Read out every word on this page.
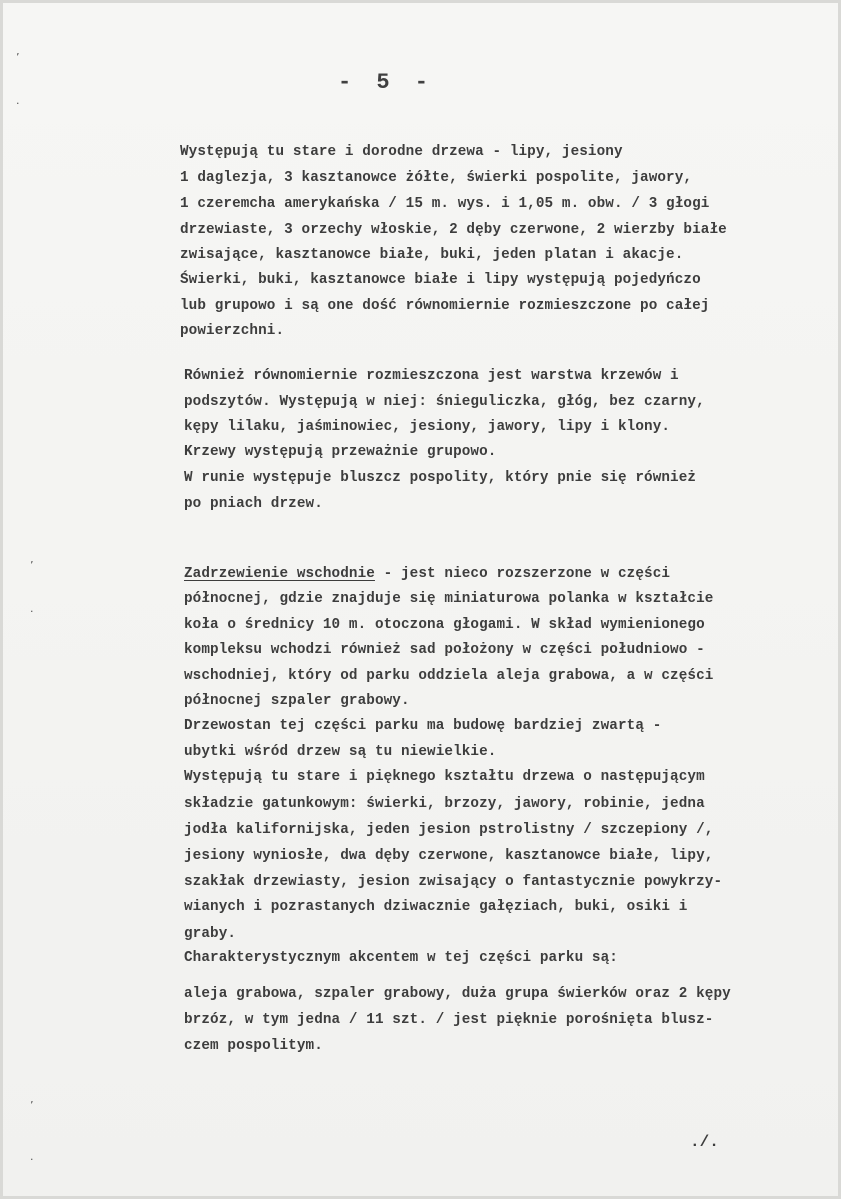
ʼ
·
ʼ
·
ʼ
·
- 5 -
Występują tu stare i dorodne drzewa - lipy, jesiony
1 daglezja, 3 kasztanowce żółte, świerki pospolite, jawory,
1 czeremcha amerykańska / 15 m. wys. i 1,05 m. obw. / 3 głogi
drzewiaste, 3 orzechy włoskie, 2 dęby czerwone, 2 wierzby białe
zwisające, kasztanowce białe, buki, jeden platan i akacje.
Świerki, buki, kasztanowce białe i lipy występują pojedyńczo
lub grupowo i są one dość równomiernie rozmieszczone po całej
powierzchni.
Również równomiernie rozmieszczona jest warstwa krzewów i
podszytów. Występują w niej: śnieguliczka, głóg, bez czarny,
kępy lilaku, jaśminowiec, jesiony, jawory, lipy i klony.
Krzewy występują przeważnie grupowo.
W runie występuje bluszcz pospolity, który pnie się również
po pniach drzew.
Zadrzewienie wschodnie - jest nieco rozszerzone w części
północnej, gdzie znajduje się miniaturowa polanka w kształcie
koła o średnicy 10 m. otoczona głogami. W skład wymienionego
kompleksu wchodzi również sad położony w części południowo -
wschodniej, który od parku oddziela aleja grabowa, a w części
północnej szpaler grabowy.
Drzewostan tej części parku ma budowę bardziej zwartą -
ubytki wśród drzew są tu niewielkie.
Występują tu stare i pięknego kształtu drzewa o następującym
składzie gatunkowym: świerki, brzozy, jawory, robinie, jedna
jodła kalifornijska, jeden jesion pstrolistny / szczepiony /,
jesiony wyniosłe, dwa dęby czerwone, kasztanowce białe, lipy,
szakłak drzewiasty, jesion zwisający o fantastycznie powykrzy-
wianych i pozrastanych dziwacznie gałęziach, buki, osiki i
graby.
Charakterystycznym akcentem w tej części parku są:
aleja grabowa, szpaler grabowy, duża grupa świerków oraz 2 kępy
brzóz, w tym jedna / 11 szt. / jest pięknie porośnięta blusz-
czem pospolitym.
./.
